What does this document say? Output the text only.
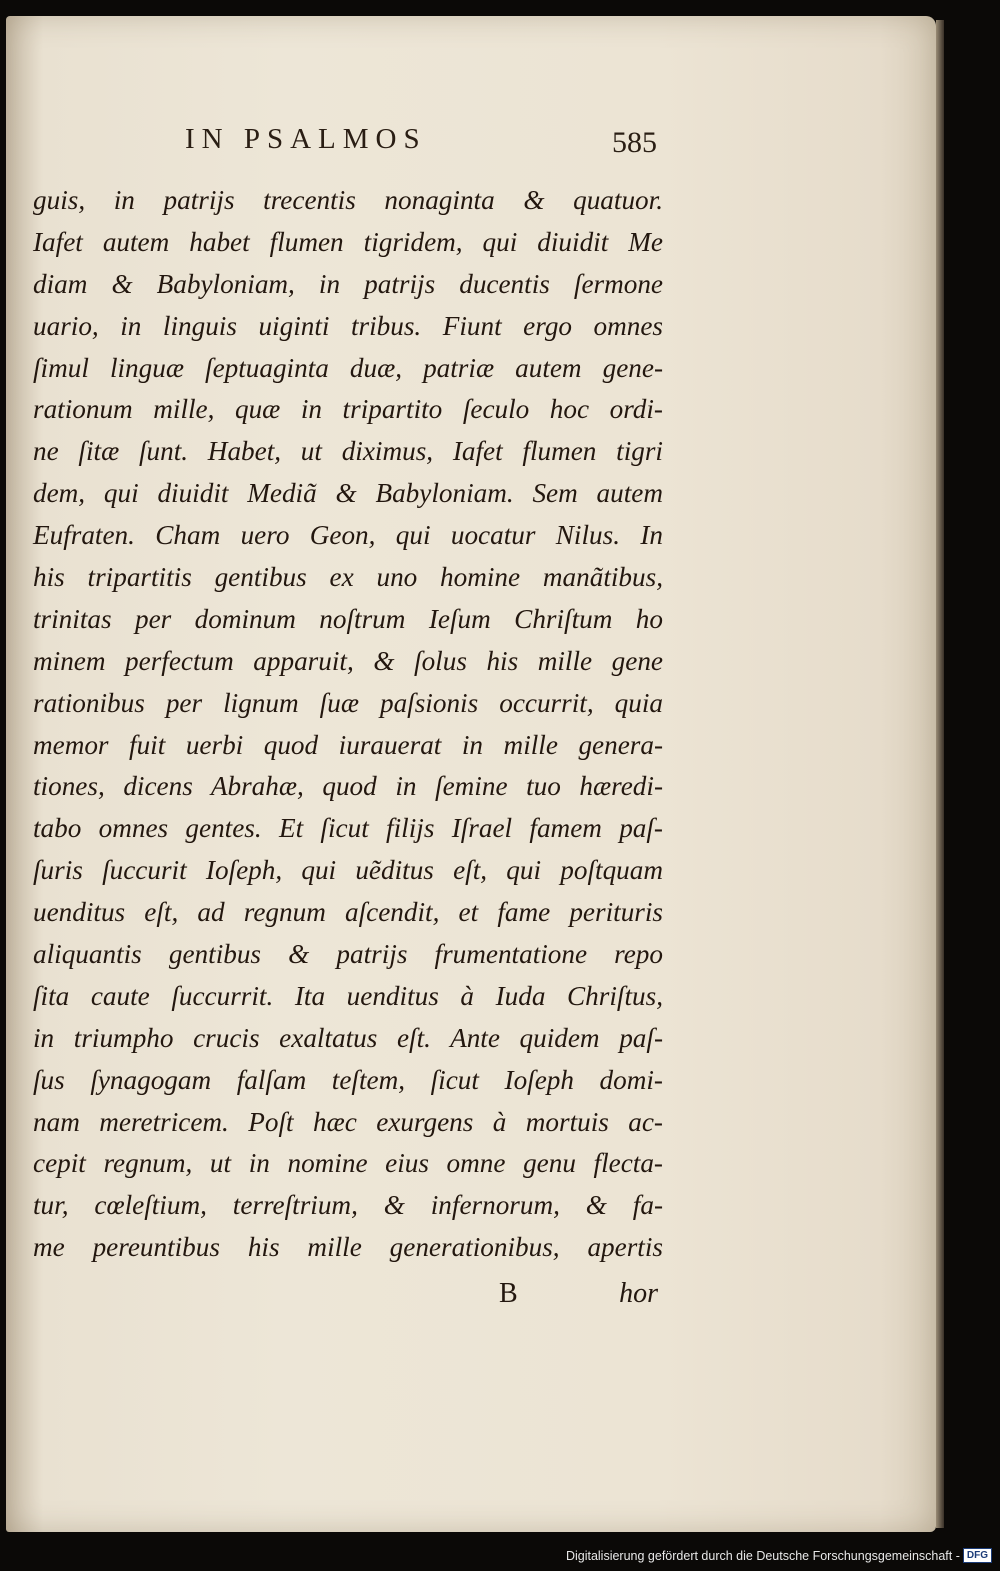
IN PSALMOS	585
guis, in patrijs trecentis nonaginta & quatuor.
Iafet autem habet flumen tigridem, qui diuidit Me
diam & Babyloniam, in patrijs ducentis ſermone
uario, in linguis uiginti tribus. Fiunt ergo omnes
ſimul linguæ ſeptuaginta duæ, patriæ autem gene-
rationum mille, quæ in tripartito ſeculo hoc ordi-
ne ſitæ ſunt. Habet, ut diximus, Iafet flumen tigri
dem, qui diuidit Mediã & Babyloniam. Sem autem
Eufraten. Cham uero Geon, qui uocatur Nilus. In
his tripartitis gentibus ex uno homine manãtibus,
trinitas per dominum noſtrum Ieſum Chriſtum ho
minem perfectum apparuit, & ſolus his mille gene
rationibus per lignum ſuæ paſsionis occurrit, quia
memor fuit uerbi quod iurauerat in mille genera-
tiones, dicens Abrahæ, quod in ſemine tuo hæredi-
tabo omnes gentes. Et ſicut filijs Iſrael famem paſ-
ſuris ſuccurit Ioſeph, qui uẽditus eſt, qui poſtquam
uenditus eſt, ad regnum aſcendit, et fame perituris
aliquantis gentibus & patrijs frumentatione repo
ſita caute ſuccurrit. Ita uenditus à Iuda Chriſtus,
in triumpho crucis exaltatus eſt. Ante quidem paſ-
ſus ſynagogam falſam teſtem, ſicut Ioſeph domi-
nam meretricem. Poſt hæc exurgens à mortuis ac-
cepit regnum, ut in nomine eius omne genu flecta-
tur, cœleſtium, terreſtrium, & infernorum, & fa-
me pereuntibus his mille generationibus, apertis
B	hor
Digitalisierung gefördert durch die Deutsche Forschungsgemeinschaft - DFG
